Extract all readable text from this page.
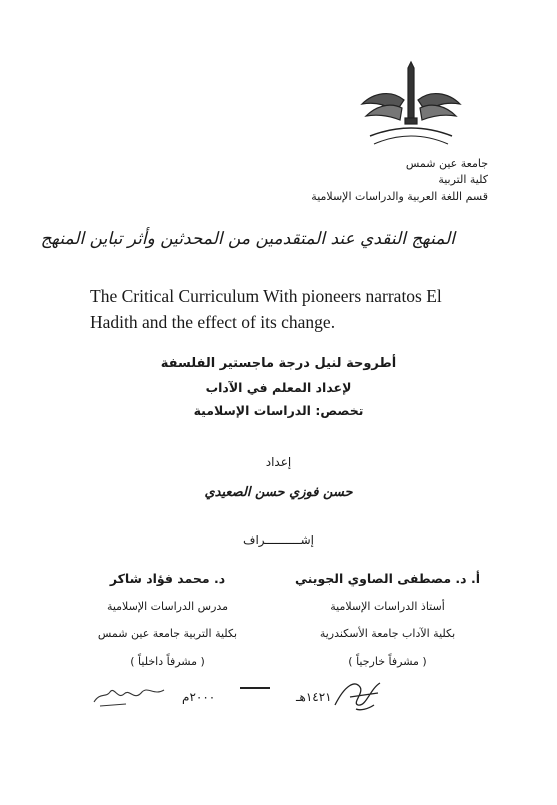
جامعة عين شمس
كلية التربية
قسم اللغة العربية والدراسات الإسلامية
المنهج النقدي عند المتقدمين من المحدثين وأثر تباين المنهج
The Critical Curriculum With pioneers narratos El Hadith and the effect of its change.
أطروحة لنيل درجة ماجستير الفلسفة
لإعداد المعلم في الآداب
تخصص: الدراسات الإسلامية
إعداد
حسن فوزي حسن الصعيدي
إشــــــــــراف
أ. د. مصطفى الصاوي الجويني
أستاذ الدراسات الإسلامية
بكلية الآداب جامعة الأسكندرية
( مشرفاً خارجياً )
د. محمد فؤاد شاكر
مدرس الدراسات الإسلامية
بكلية التربية جامعة عين شمس
( مشرفاً داخلياً )
١٤٢١هـ
٢٠٠٠م
